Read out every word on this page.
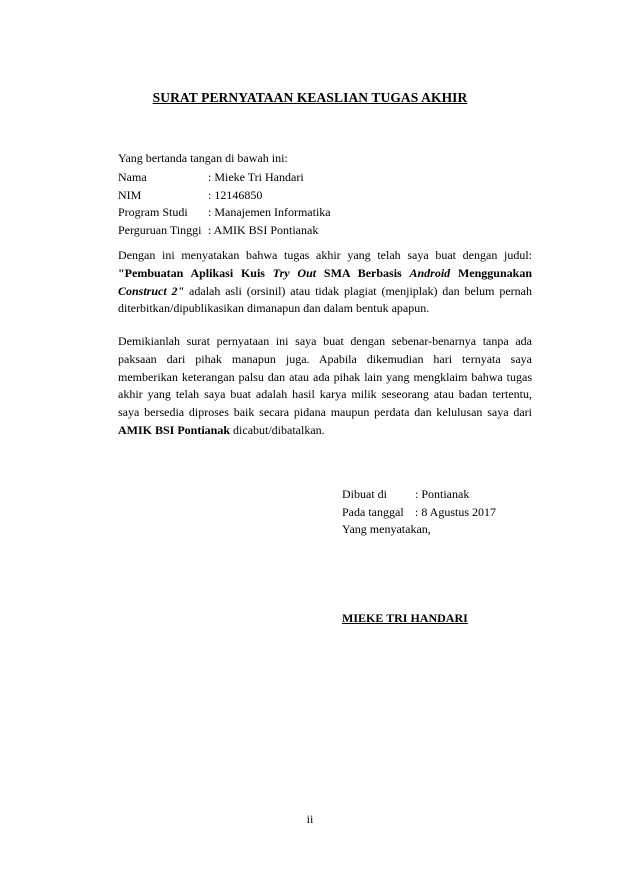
SURAT PERNYATAAN KEASLIAN TUGAS AKHIR
Yang bertanda tangan di bawah ini:
Nama	: Mieke Tri Handari
NIM	: 12146850
Program Studi	: Manajemen Informatika
Perguruan Tinggi : AMIK BSI Pontianak
Dengan ini menyatakan bahwa tugas akhir yang telah saya buat dengan judul: "Pembuatan Aplikasi Kuis Try Out SMA Berbasis Android Menggunakan Construct 2" adalah asli (orsinil) atau tidak plagiat (menjiplak) dan belum pernah diterbitkan/dipublikasikan dimanapun dan dalam bentuk apapun.
Demikianlah surat pernyataan ini saya buat dengan sebenar-benarnya tanpa ada paksaan dari pihak manapun juga. Apabila dikemudian hari ternyata saya memberikan keterangan palsu dan atau ada pihak lain yang mengklaim bahwa tugas akhir yang telah saya buat adalah hasil karya milik seseorang atau badan tertentu, saya bersedia diproses baik secara pidana maupun perdata dan kelulusan saya dari AMIK BSI Pontianak dicabut/dibatalkan.
Dibuat di	: Pontianak
Pada tanggal : 8 Agustus 2017
Yang menyatakan,
MIEKE TRI HANDARI
ii
